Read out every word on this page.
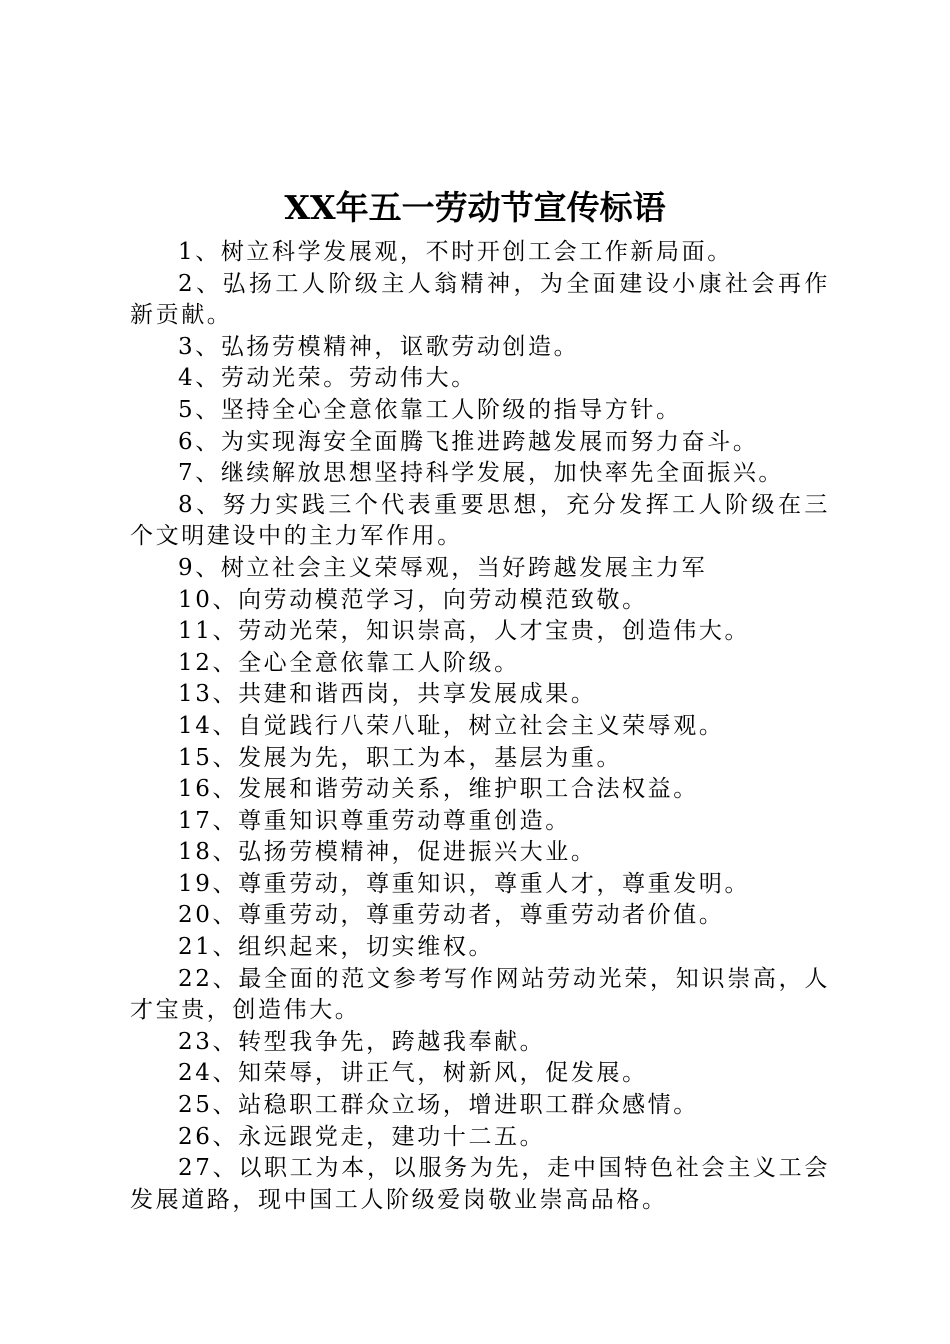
XX年五一劳动节宣传标语

1、树立科学发展观，不时开创工会工作新局面。

2、弘扬工人阶级主人翁精神，为全面建设小康社会再作新贡献。

3、弘扬劳模精神，讴歌劳动创造。

4、劳动光荣。劳动伟大。

5、坚持全心全意依靠工人阶级的指导方针。

6、为实现海安全面腾飞推进跨越发展而努力奋斗。

7、继续解放思想坚持科学发展，加快率先全面振兴。

8、努力实践三个代表重要思想，充分发挥工人阶级在三个文明建设中的主力军作用。

9、树立社会主义荣辱观，当好跨越发展主力军

10、向劳动模范学习，向劳动模范致敬。

11、劳动光荣，知识崇高，人才宝贵，创造伟大。

12、全心全意依靠工人阶级。

13、共建和谐西岗，共享发展成果。

14、自觉践行八荣八耻，树立社会主义荣辱观。

15、发展为先，职工为本，基层为重。

16、发展和谐劳动关系，维护职工合法权益。

17、尊重知识尊重劳动尊重创造。

18、弘扬劳模精神，促进振兴大业。

19、尊重劳动，尊重知识，尊重人才，尊重发明。

20、尊重劳动，尊重劳动者，尊重劳动者价值。

21、组织起来，切实维权。

22、最全面的范文参考写作网站劳动光荣，知识崇高，人才宝贵，创造伟大。

23、转型我争先，跨越我奉献。

24、知荣辱，讲正气，树新风，促发展。

25、站稳职工群众立场，增进职工群众感情。

26、永远跟党走，建功十二五。

27、以职工为本，以服务为先，走中国特色社会主义工会发展道路，现中国工人阶级爱岗敬业崇高品格。
